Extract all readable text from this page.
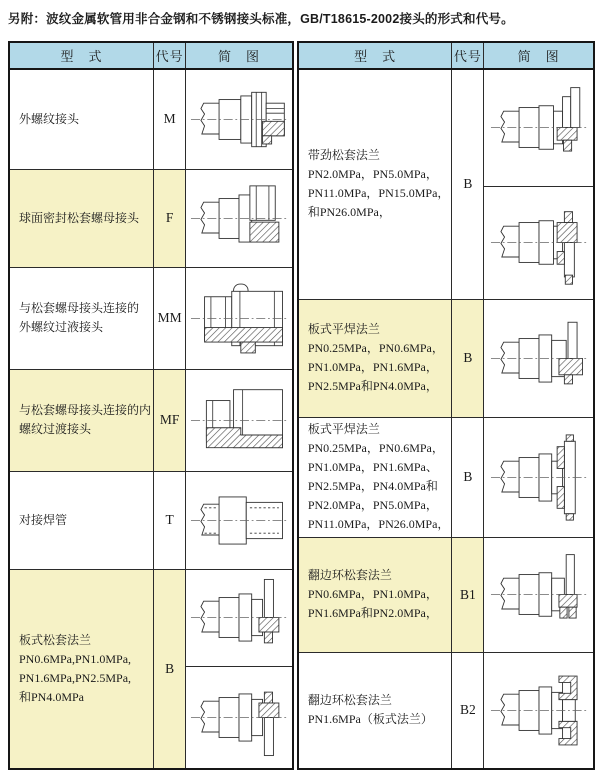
另附：波纹金属软管用非合金钢和不锈钢接头标准，GB/T18615-2002接头的形式和代号。
型　式	代号	简　图

外螺纹接头	M	

球面密封松套螺母接头	F	

与松套螺母接头连接的
外螺纹过液接头	MM	

与松套螺母接头连接的内
螺纹过渡接头	MF	

对接焊管	T	

板式松套法兰
PN0.6MPa,PN1.0MPa,
PN1.6MPa,PN2.5MPa,
和PN4.0MPa	B	

型　式	代号	简　图

带劲松套法兰
PN2.0MPa，PN5.0MPa，
PN11.0MPa，PN15.0MPa，
和PN26.0MPa，	B	

板式平焊法兰
PN0.25MPa，PN0.6MPa，
PN1.0MPa，PN1.6MPa，
PN2.5MPa和PN4.0MPa，	B	

板式平焊法兰
PN0.25MPa，PN0.6MPa，
PN1.0MPa，PN1.6MPa、
PN2.5MPa，PN4.0MPa和
PN2.0MPa，PN5.0MPa，
PN11.0MPa，PN26.0MPa，
	B	

翻边环松套法兰
PN0.6MPa，PN1.0MPa，
PN1.6MPa和PN2.0MPa，	B1	

翻边环松套法兰
PN1.6MPa（板式法兰）	B2	
